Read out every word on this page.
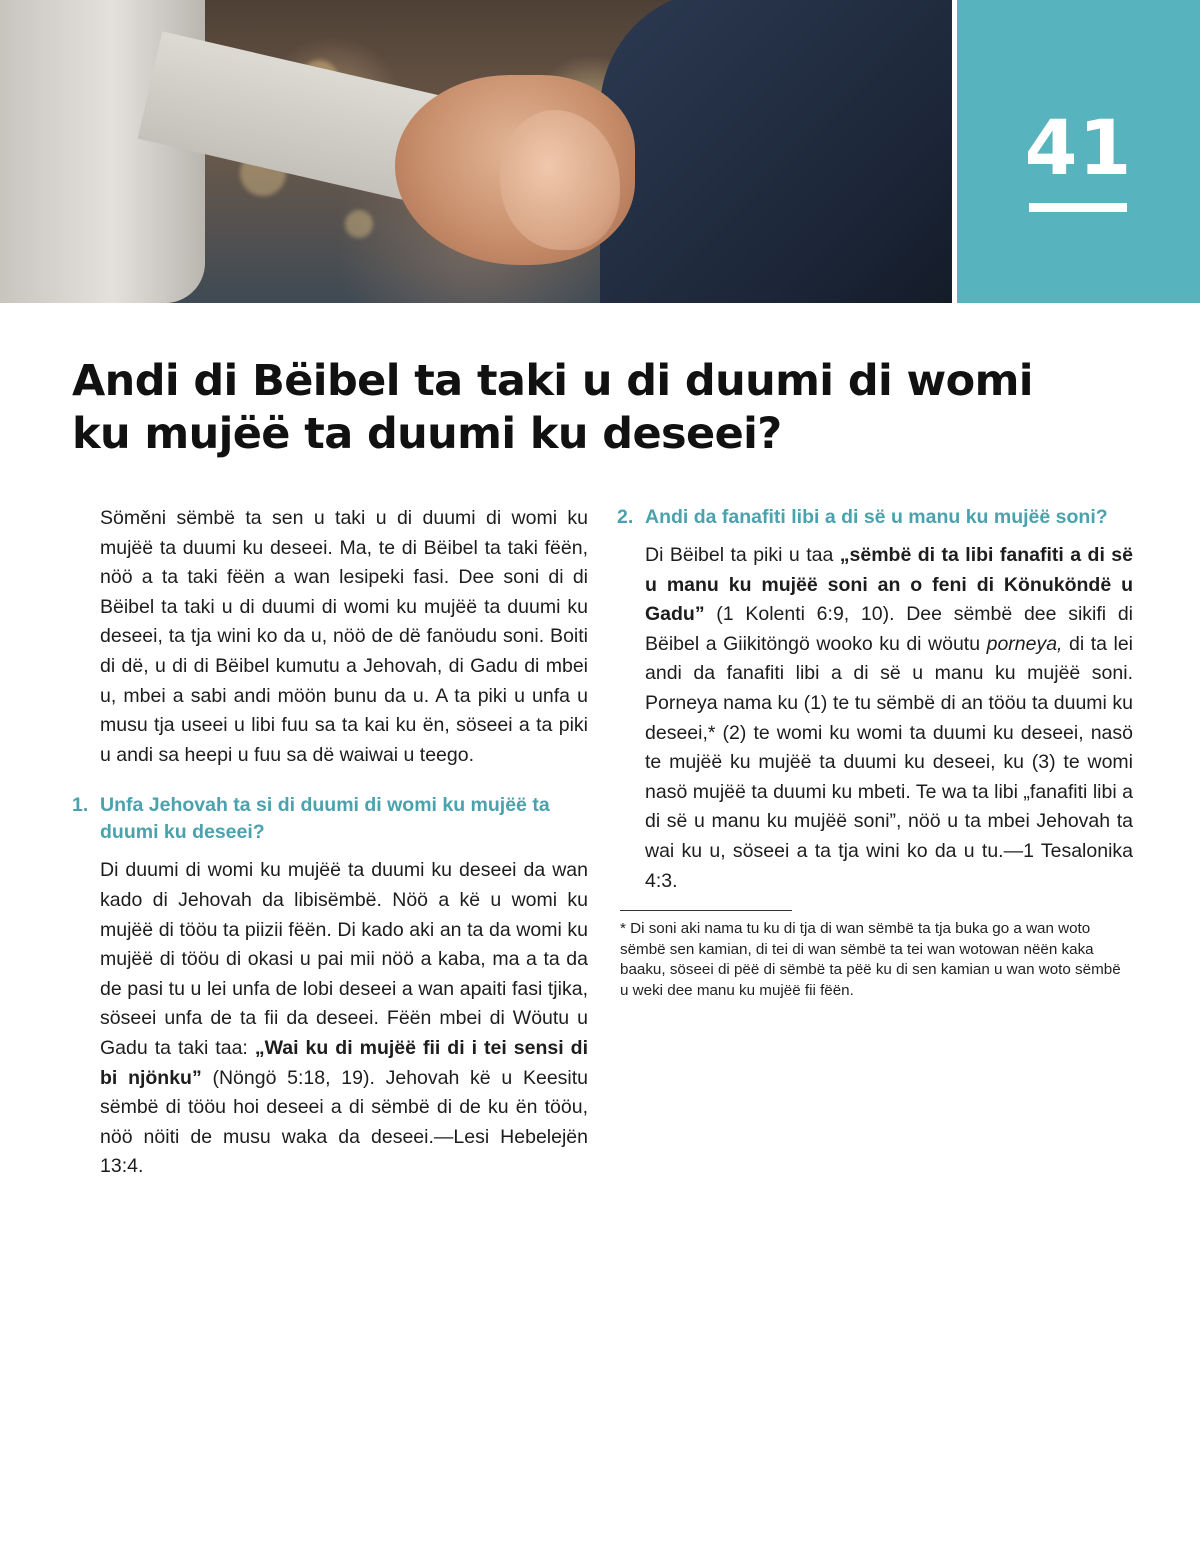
41
Andi di Bëibel ta taki u di duumi di womi ku mujëë ta duumi ku deseei?

Söměni sëmbë ta sen u taki u di duumi di womi ku mujëë ta duumi ku deseei. Ma, te di Bëibel ta taki fëën, nöö a ta taki fëën a wan lesipeki fasi. Dee soni di di Bëibel ta taki u di duumi di womi ku mujëë ta duumi ku deseei, ta tja wini ko da u, nöö de dë fanöudu soni. Boiti di dë, u di di Bëibel kumutu a Jehovah, di Gadu di mbei u, mbei a sabi andi möön bunu da u. A ta piki u unfa u musu tja useei u libi fuu sa ta kai ku ën, söseei a ta piki u andi sa heepi u fuu sa dë waiwai u teego.

1. Unfa Jehovah ta si di duumi di womi ku mujëë ta duumi ku deseei?

Di duumi di womi ku mujëë ta duumi ku deseei da wan kado di Jehovah da libisëmbë. Nöö a kë u womi ku mujëë di tööu ta piizii fëën. Di kado aki an ta da womi ku mujëë di tööu di okasi u pai mii nöö a kaba, ma a ta da de pasi tu u lei unfa de lobi deseei a wan apaiti fasi tjika, söseei unfa de ta fii da deseei. Fëën mbei di Wöutu u Gadu ta taki taa: „Wai ku di mujëë fii di i tei sensi di bi njönku” (Nöngö 5:18, 19). Jehovah kë u Keesitu sëmbë di tööu hoi deseei a di sëmbë di de ku ën tööu, nöö nöiti de musu waka da deseei.—Lesi Hebelejën 13:4.

2. Andi da fanafiti libi a di së u manu ku mujëë soni?

Di Bëibel ta piki u taa „sëmbë di ta libi fanafiti a di së u manu ku mujëë soni an o feni di Könuköndë u Gadu” (1 Kolenti 6:9, 10). Dee sëmbë dee sikifi di Bëibel a Giikitöngö wooko ku di wöutu porneya, di ta lei andi da fanafiti libi a di së u manu ku mujëë soni. Porneya nama ku (1) te tu sëmbë di an tööu ta duumi ku deseei,* (2) te womi ku womi ta duumi ku deseei, nasö te mujëë ku mujëë ta duumi ku deseei, ku (3) te womi nasö mujëë ta duumi ku mbeti. Te wa ta libi „fanafiti libi a di së u manu ku mujëë soni”, nöö u ta mbei Jehovah ta wai ku u, söseei a ta tja wini ko da u tu.—1 Tesalonika 4:3.

* Di soni aki nama tu ku di tja di wan sëmbë ta tja buka go a wan woto sëmbë sen kamian, di tei di wan sëmbë ta tei wan wotowan nëën kaka baaku, söseei di pëë di sëmbë ta pëë ku di sen kamian u wan woto sëmbë u weki dee manu ku mujëë fii fëën.
